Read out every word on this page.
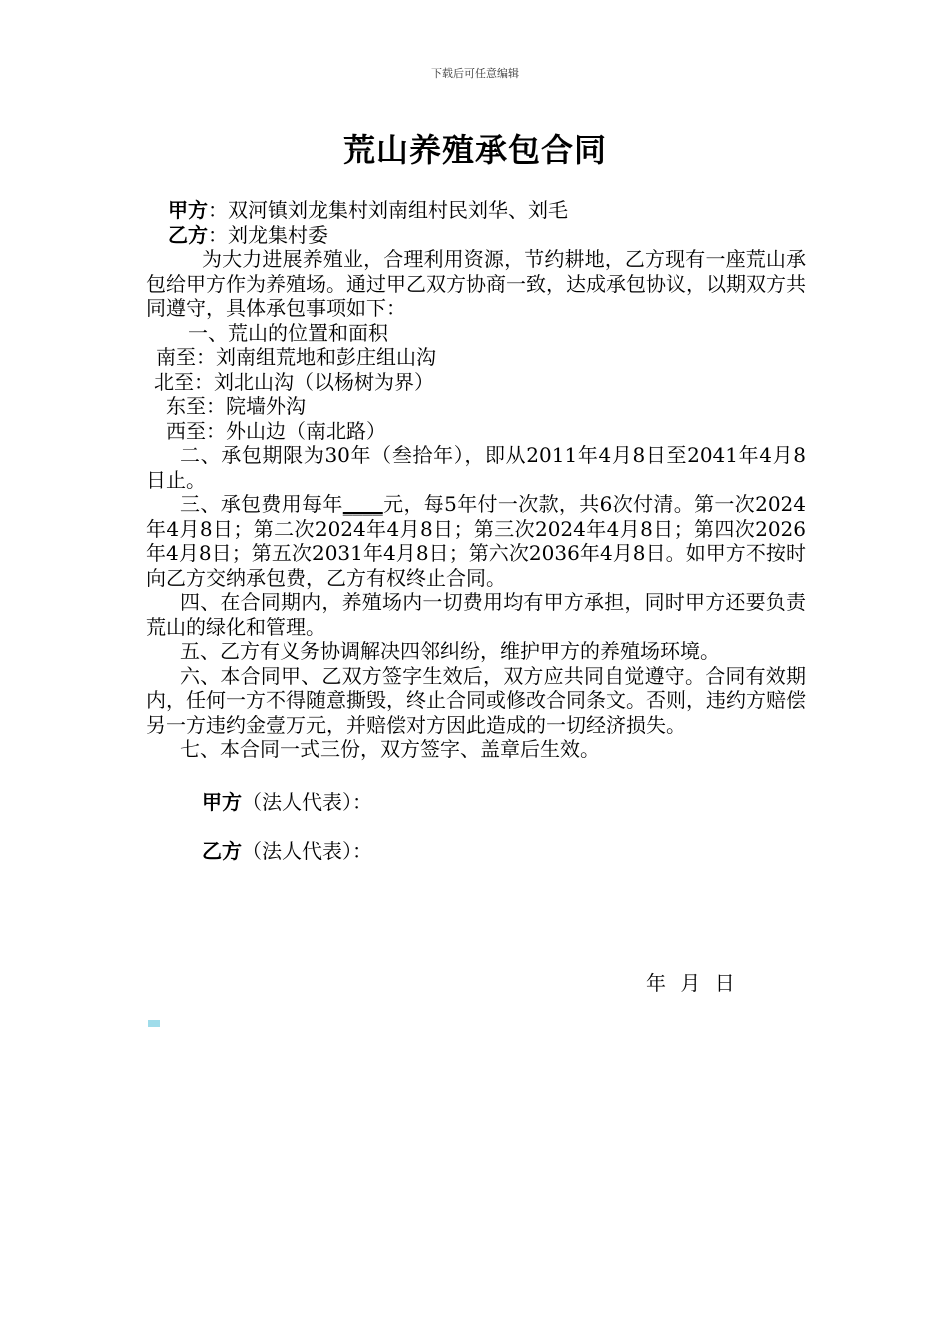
下载后可任意编辑
荒山养殖承包合同
甲方：双河镇刘龙集村刘南组村民刘华、刘毛
乙方：刘龙集村委
为大力进展养殖业，合理利用资源，节约耕地，乙方现有一座荒山承包给甲方作为养殖场。通过甲乙双方协商一致，达成承包协议，以期双方共同遵守，具体承包事项如下：
一、荒山的位置和面积
南至：刘南组荒地和彭庄组山沟
北至：刘北山沟（以杨树为界）
东至：院墙外沟
西至：外山边（南北路）
二、承包期限为30年（叁拾年），即从2011年4月8日至2041年4月8日止。
三、承包费用每年____元，每5年付一次款，共6次付清。第一次2024年4月8日；第二次2024年4月8日；第三次2024年4月8日；第四次2026年4月8日；第五次2031年4月8日；第六次2036年4月8日。如甲方不按时向乙方交纳承包费，乙方有权终止合同。
四、在合同期内，养殖场内一切费用均有甲方承担，同时甲方还要负责荒山的绿化和管理。
五、乙方有义务协调解决四邻纠纷，维护甲方的养殖场环境。
六、本合同甲、乙双方签字生效后，双方应共同自觉遵守。合同有效期内，任何一方不得随意撕毁，终止合同或修改合同条文。否则，违约方赔偿另一方违约金壹万元，并赔偿对方因此造成的一切经济损失。
七、本合同一式三份，双方签字、盖章后生效。
甲方（法人代表）：
乙方（法人代表）：
年 月 日
